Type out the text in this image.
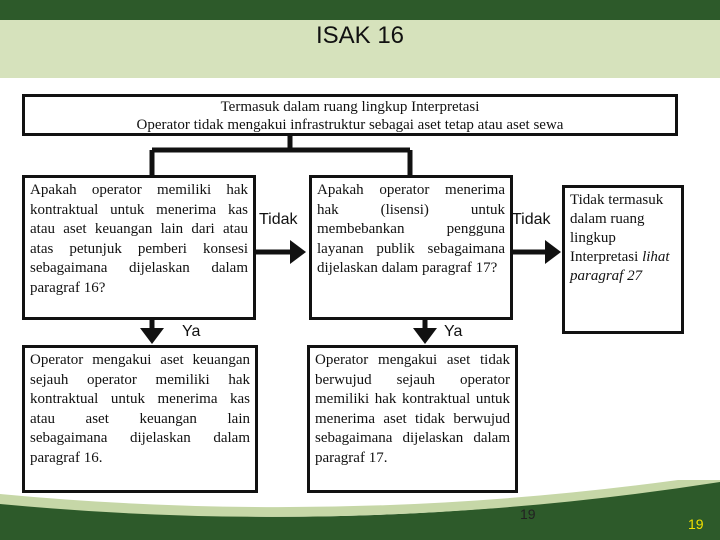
ISAK 16
19
19

Termasuk dalam ruang lingkup Interpretasi

Operator tidak mengakui infrastruktur sebagai aset tetap atau aset sewa

Apakah operator memiliki hak kontraktual untuk menerima kas atau aset keuangan lain dari atau atas petunjuk pemberi konsesi sebagaimana dijelaskan dalam paragraf 16?

Tidak

Apakah operator menerima hak (lisensi) untuk membebankan pengguna layanan publik sebagaimana dijelaskan dalam paragraf 17?

Tidak
Tidak termasuk dalam ruang lingkup Interpretasi lihat paragraf 27
Ya	Ya

Operator mengakui aset keuangan sejauh operator memiliki hak kontraktual untuk menerima kas atau aset keuangan lain sebagaimana dijelaskan dalam paragraf 16.

Operator mengakui aset tidak berwujud sejauh operator memiliki hak kontraktual untuk menerima aset tidak berwujud sebagaimana dijelaskan dalam paragraf 17.
